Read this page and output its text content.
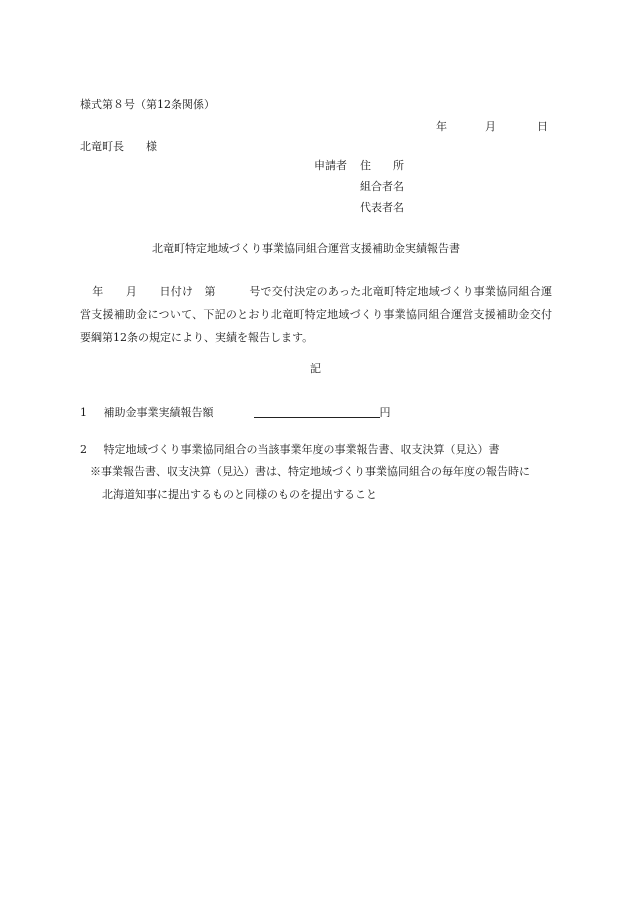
様式第８号（第12条関係）
年	月	日
北竜町長 様
申請者 住　　所
組合者名
代表者名
北竜町特定地域づくり事業協同組合運営支援補助金実績報告書
年　　月　　日付け　第　　　号で交付決定のあった北竜町特定地域づくり事業協同組合運営支援補助金について、下記のとおり北竜町特定地域づくり事業協同組合運営支援補助金交付要綱第12条の規定により、実績を報告します。
記
1 補助金事業実績報告額	円
2 特定地域づくり事業協同組合の当該事業年度の事業報告書、収支決算（見込）書
※事業報告書、収支決算（見込）書は、特定地域づくり事業協同組合の毎年度の報告時に
北海道知事に提出するものと同様のものを提出すること
